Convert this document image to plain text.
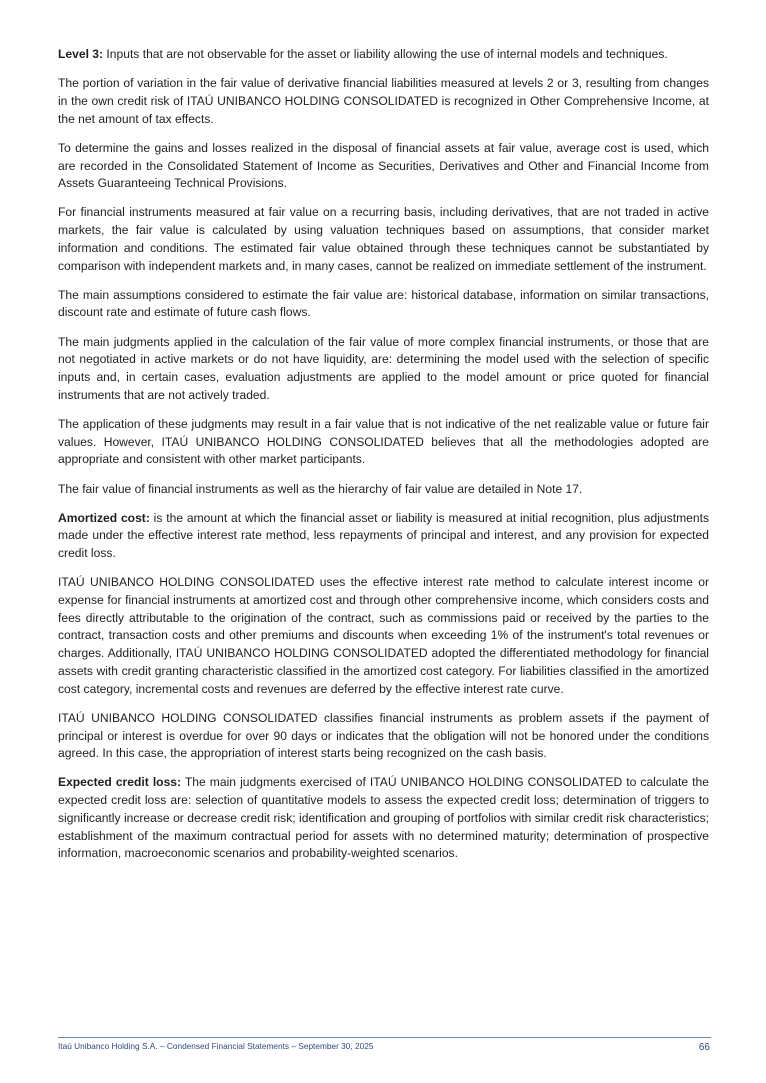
Level 3: Inputs that are not observable for the asset or liability allowing the use of internal models and techniques.

The portion of variation in the fair value of derivative financial liabilities measured at levels 2 or 3, resulting from changes in the own credit risk of ITAÚ UNIBANCO HOLDING CONSOLIDATED is recognized in Other Comprehensive Income, at the net amount of tax effects.

To determine the gains and losses realized in the disposal of financial assets at fair value, average cost is used, which are recorded in the Consolidated Statement of Income as Securities, Derivatives and Other and Financial Income from Assets Guaranteeing Technical Provisions.

For financial instruments measured at fair value on a recurring basis, including derivatives, that are not traded in active markets, the fair value is calculated by using valuation techniques based on assumptions, that consider market information and conditions. The estimated fair value obtained through these techniques cannot be substantiated by comparison with independent markets and, in many cases, cannot be realized on immediate settlement of the instrument.

The main assumptions considered to estimate the fair value are: historical database, information on similar transactions, discount rate and estimate of future cash flows.

The main judgments applied in the calculation of the fair value of more complex financial instruments, or those that are not negotiated in active markets or do not have liquidity, are: determining the model used with the selection of specific inputs and, in certain cases, evaluation adjustments are applied to the model amount or price quoted for financial instruments that are not actively traded.

The application of these judgments may result in a fair value that is not indicative of the net realizable value or future fair values. However, ITAÚ UNIBANCO HOLDING CONSOLIDATED believes that all the methodologies adopted are appropriate and consistent with other market participants.

The fair value of financial instruments as well as the hierarchy of fair value are detailed in Note 17.

Amortized cost: is the amount at which the financial asset or liability is measured at initial recognition, plus adjustments made under the effective interest rate method, less repayments of principal and interest, and any provision for expected credit loss.

ITAÚ UNIBANCO HOLDING CONSOLIDATED uses the effective interest rate method to calculate interest income or expense for financial instruments at amortized cost and through other comprehensive income, which considers costs and fees directly attributable to the origination of the contract, such as commissions paid or received by the parties to the contract, transaction costs and other premiums and discounts when exceeding 1% of the instrument's total revenues or charges. Additionally, ITAÚ UNIBANCO HOLDING CONSOLIDATED adopted the differentiated methodology for financial assets with credit granting characteristic classified in the amortized cost category. For liabilities classified in the amortized cost category, incremental costs and revenues are deferred by the effective interest rate curve.

ITAÚ UNIBANCO HOLDING CONSOLIDATED classifies financial instruments as problem assets if the payment of principal or interest is overdue for over 90 days or indicates that the obligation will not be honored under the conditions agreed. In this case, the appropriation of interest starts being recognized on the cash basis.

Expected credit loss: The main judgments exercised of ITAÚ UNIBANCO HOLDING CONSOLIDATED to calculate the expected credit loss are: selection of quantitative models to assess the expected credit loss; determination of triggers to significantly increase or decrease credit risk; identification and grouping of portfolios with similar credit risk characteristics; establishment of the maximum contractual period for assets with no determined maturity; determination of prospective information, macroeconomic scenarios and probability-weighted scenarios.

Itaú Unibanco Holding S.A. – Condensed Financial Statements – September 30, 2025	66
